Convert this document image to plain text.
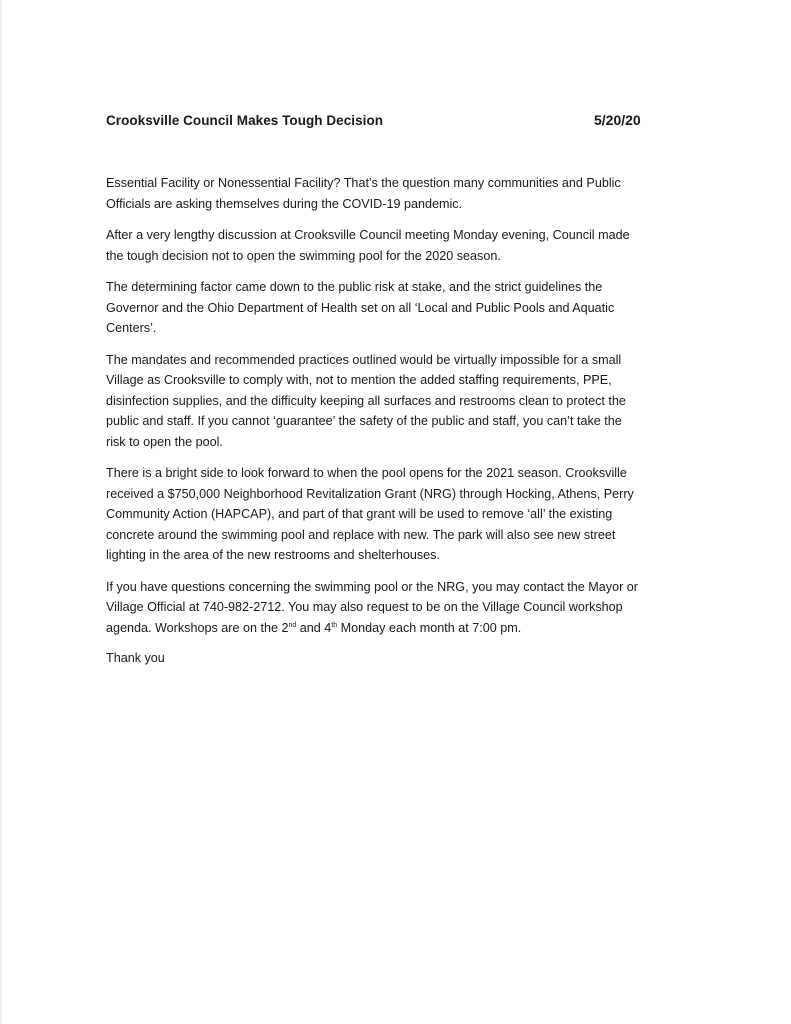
Crooksville Council Makes Tough Decision	5/20/20

Essential Facility or Nonessential Facility? That’s the question many communities and Public
Officials are asking themselves during the COVID-19 pandemic.

After a very lengthy discussion at Crooksville Council meeting Monday evening, Council made
the tough decision not to open the swimming pool for the 2020 season.

The determining factor came down to the public risk at stake, and the strict guidelines the
Governor and the Ohio Department of Health set on all ‘Local and Public Pools and Aquatic
Centers’.

The mandates and recommended practices outlined would be virtually impossible for a small
Village as Crooksville to comply with, not to mention the added staffing requirements, PPE,
disinfection supplies, and the difficulty keeping all surfaces and restrooms clean to protect the
public and staff. If you cannot ‘guarantee’ the safety of the public and staff, you can’t take the
risk to open the pool.

There is a bright side to look forward to when the pool opens for the 2021 season. Crooksville
received a $750,000 Neighborhood Revitalization Grant (NRG) through Hocking, Athens, Perry
Community Action (HAPCAP), and part of that grant will be used to remove ‘all’ the existing
concrete around the swimming pool and replace with new. The park will also see new street
lighting in the area of the new restrooms and shelterhouses.

If you have questions concerning the swimming pool or the NRG, you may contact the Mayor or
Village Official at 740-982-2712. You may also request to be on the Village Council workshop
agenda. Workshops are on the 2nd and 4th Monday each month at 7:00 pm.

Thank you
